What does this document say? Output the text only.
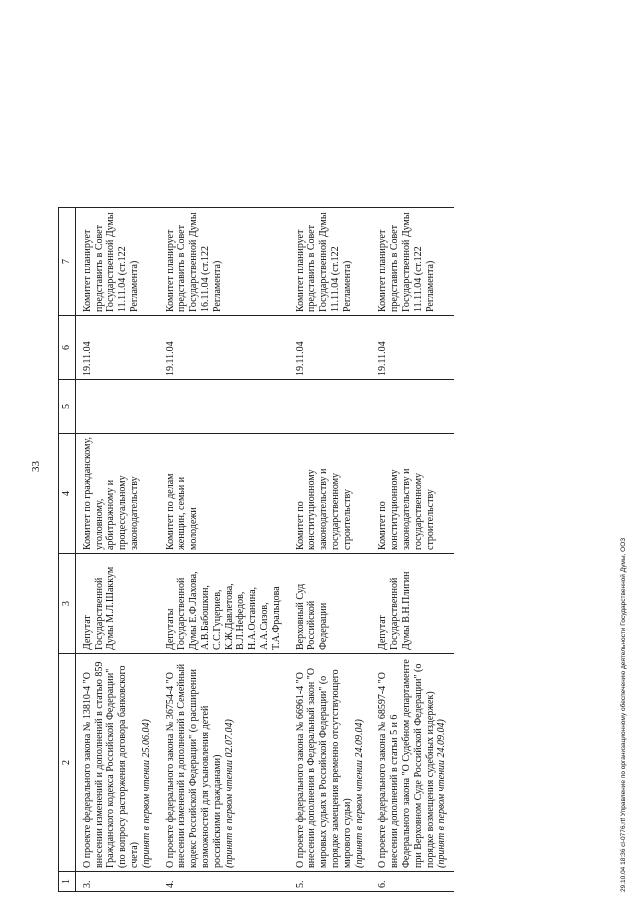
33
1	2	3	4	5	6	7
3.	О проекте федерального закона № 13810-4 "О внесении изменений и дополнений в статью 859 Гражданского кодекса Российской Федерации" (по вопросу расторжения договора банковского счета) (принят в первом чтении 25.06.04)	Депутат Государственной Думы М.Л.Шаккум	Комитет по гражданскому, уголовному, арбитражному и процессуальному законодательству		19.11.04	Комитет планирует представить в Совет Государственной Думы 11.11.04 (ст.122 Регламента)
4.	О проекте федерального закона № 36754-4 "О внесении изменений и дополнений в Семейный кодекс Российской Федерации" (о расширении возможностей для усыновления детей российскими гражданами) (принят в первом чтении 02.07.04)	Депутаты Государственной Думы Е.Ф.Лахова, А.В.Бабошкин, С.С.Гуцериев, К.Ж.Давлетова, В.Л.Нефедов, Н.А.Останина, А.А.Сизов, Т.А.Фральцова	Комитет по делам женщин, семьи и молодежи		19.11.04	Комитет планирует представить в Совет Государственной Думы 16.11.04 (ст.122 Регламента)
5.	О проекте федерального закона № 66961-4 "О внесении дополнения в Федеральный закон "О мировых судьях в Российской Федерации" (о порядке замещения временно отсутствующего мирового судьи) (принят в первом чтении 24.09.04)	Верховный Суд Российской Федерации	Комитет по конституционному законодательству и государственному строительству		19.11.04	Комитет планирует представить в Совет Государственной Думы 11.11.04 (ст.122 Регламента)
6.	О проекте федерального закона № 68597-4 "О внесении дополнений в статьи 5 и 6 Федерального закона "О Судебном департаменте при Верховном Суде Российской Федерации" (о порядке возмещения судебных издержек) (принят в первом чтении 24.09.04)	Депутат Государственной Думы В.Н.Плигин	Комитет по конституционному законодательству и государственному строительству		19.11.04	Комитет планирует представить в Совет Государственной Думы 11.11.04 (ст.122 Регламента)
29.10.04 18:36 сl-0776.rtf Управление по организационному обеспечению деятельности Государственной Думы, ООЗ
